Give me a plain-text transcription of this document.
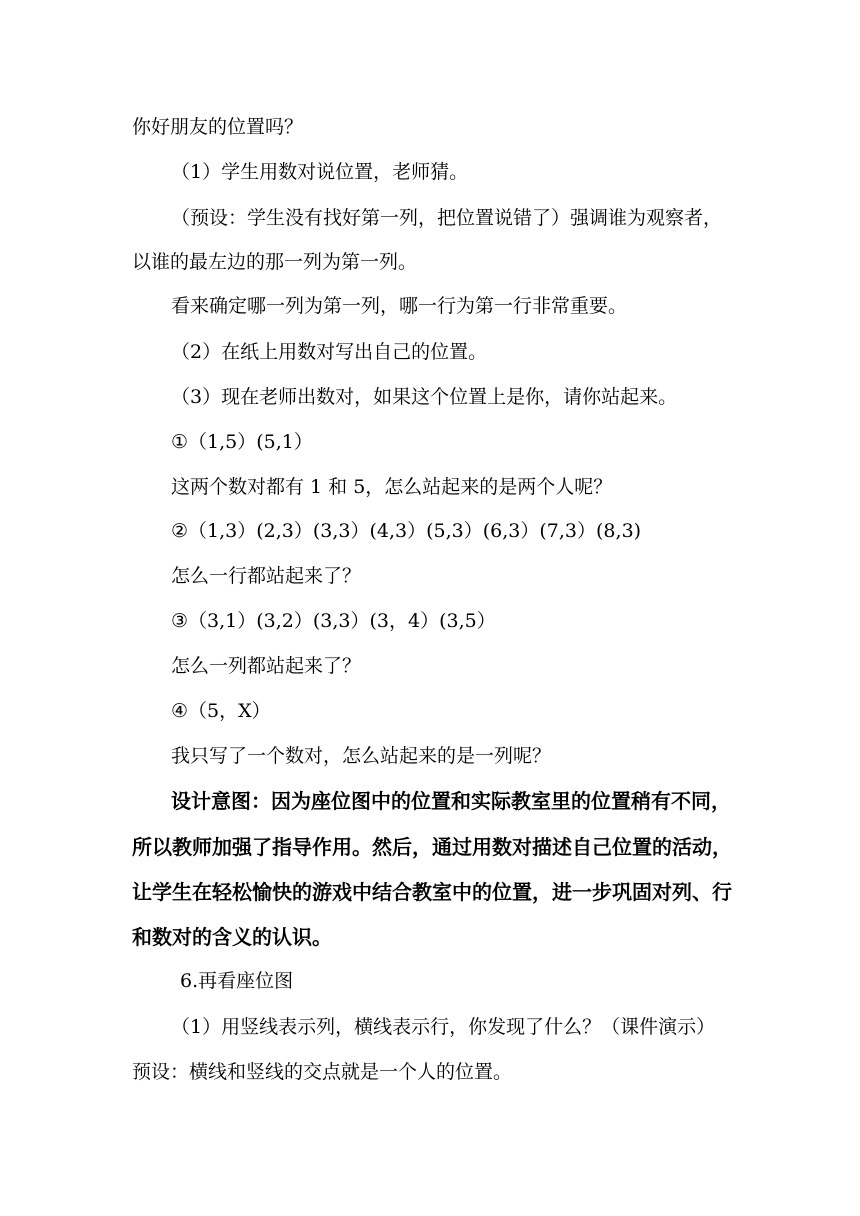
你好朋友的位置吗？
（1）学生用数对说位置，老师猜。
（预设：学生没有找好第一列，把位置说错了）强调谁为观察者，
以谁的最左边的那一列为第一列。
看来确定哪一列为第一列，哪一行为第一行非常重要。
（2）在纸上用数对写出自己的位置。
（3）现在老师出数对，如果这个位置上是你，请你站起来。
①（1,5）(5,1）
这两个数对都有 1 和 5，怎么站起来的是两个人呢？
②（1,3）(2,3）(3,3）(4,3）(5,3）(6,3）(7,3）(8,3)
怎么一行都站起来了？
③（3,1）(3,2）(3,3）(3，4）(3,5）
怎么一列都站起来了？
④（5，X）
我只写了一个数对，怎么站起来的是一列呢？
设计意图：因为座位图中的位置和实际教室里的位置稍有不同，
所以教师加强了指导作用。然后，通过用数对描述自己位置的活动，
让学生在轻松愉快的游戏中结合教室中的位置，进一步巩固对列、行
和数对的含义的认识。
6.再看座位图
（1）用竖线表示列，横线表示行，你发现了什么？（课件演示）
预设：横线和竖线的交点就是一个人的位置。
